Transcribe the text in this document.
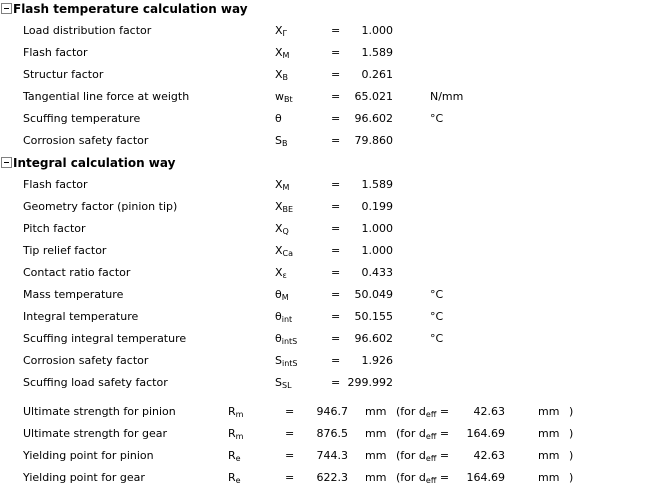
Flash temperature calculation way
Load distribution factor	$X_\Gamma$	=	1.000
Flash factor	$X_M$	=	1.589
Structur factor	$X_B$	=	0.261
Tangential line force at weigth	$w_{Bt}$	=	65.021	N/mm
Scuffing temperature	θ	=	96.602	°C
Corrosion safety factor	$S_B$	=	79.860
Integral calculation way
Flash factor	$X_M$	=	1.589
Geometry factor (pinion tip)	$X_{BE}$	=	0.199
Pitch factor	$X_Q$	=	1.000
Tip relief factor	$X_{Ca}$	=	1.000
Contact ratio factor	$X_\varepsilon$	=	0.433
Mass temperature	$\theta_M$	=	50.049	°C
Integral temperature	$\theta_{int}$	=	50.155	°C
Scuffing integral temperature	$\theta_{intS}$	=	96.602	°C
Corrosion safety factor	$S_{intS}$	=	1.926
Scuffing load safety factor	$S_{SL}$	= 299.992
Ultimate strength for pinion	$R_m$	=	946.7 mm (for $d_{eff}$ =	42.63	mm )
Ultimate strength for gear	$R_m$	=	876.5 mm (for $d_{eff}$ =	164.69	mm )
Yielding point for pinion	$R_e$	=	744.3 mm (for $d_{eff}$ =	42.63	mm )
Yielding point for gear	$R_e$	=	622.3 mm (for $d_{eff}$ =	164.69	mm )
